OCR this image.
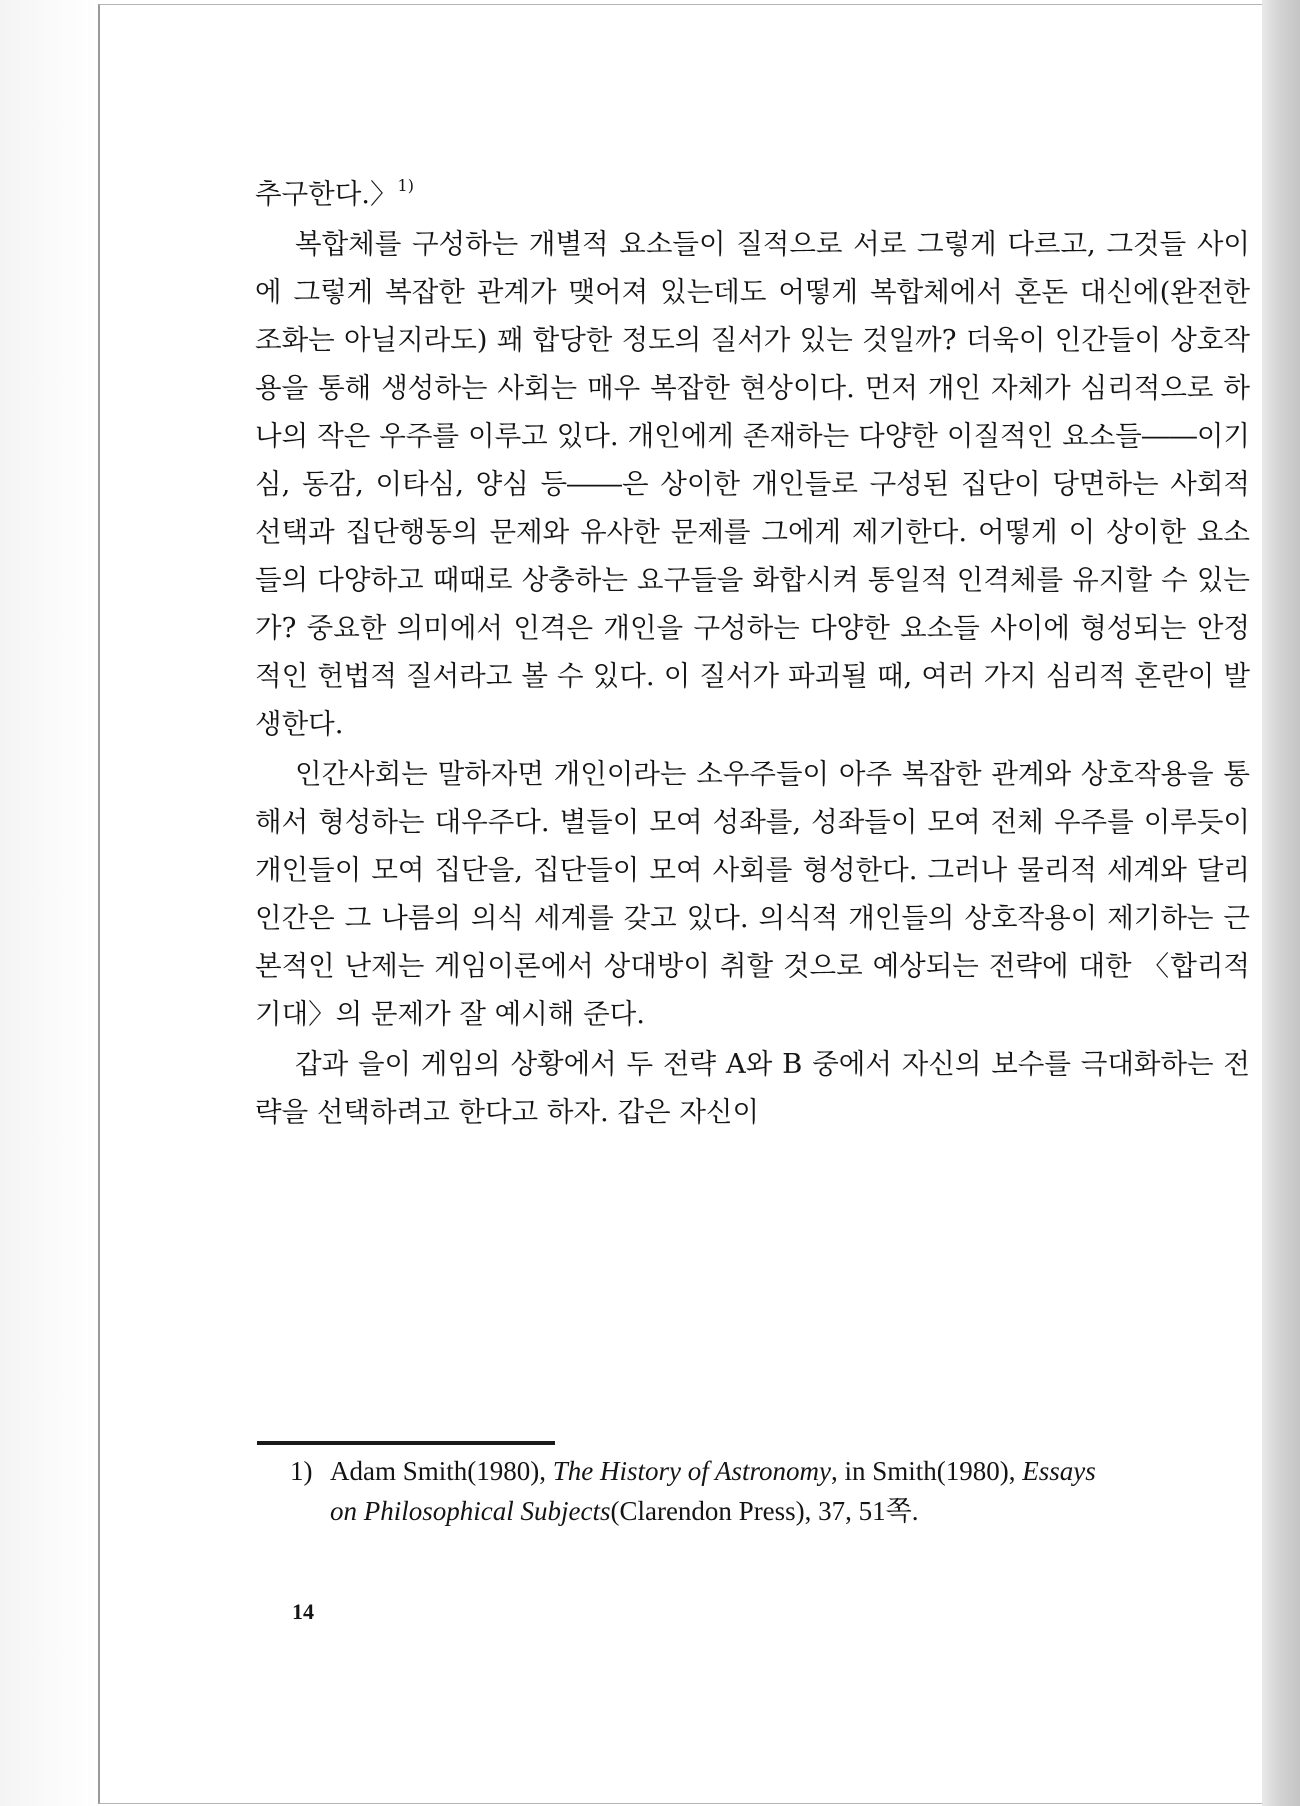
추구한다.〉$^{1)}$

복합체를 구성하는 개별적 요소들이 질적으로 서로 그렇게 다르고, 그것들 사이에 그렇게 복잡한 관계가 맺어져 있는데도 어떻게 복합체에서 혼돈 대신에(완전한 조화는 아닐지라도) 꽤 합당한 정도의 질서가 있는 것일까? 더욱이 인간들이 상호작용을 통해 생성하는 사회는 매우 복잡한 현상이다. 먼저 개인 자체가 심리적으로 하나의 작은 우주를 이루고 있다. 개인에게 존재하는 다양한 이질적인 요소들――이기심, 동감, 이타심, 양심 등――은 상이한 개인들로 구성된 집단이 당면하는 사회적 선택과 집단행동의 문제와 유사한 문제를 그에게 제기한다. 어떻게 이 상이한 요소들의 다양하고 때때로 상충하는 요구들을 화합시켜 통일적 인격체를 유지할 수 있는가? 중요한 의미에서 인격은 개인을 구성하는 다양한 요소들 사이에 형성되는 안정적인 헌법적 질서라고 볼 수 있다. 이 질서가 파괴될 때, 여러 가지 심리적 혼란이 발생한다.

인간사회는 말하자면 개인이라는 소우주들이 아주 복잡한 관계와 상호작용을 통해서 형성하는 대우주다. 별들이 모여 성좌를, 성좌들이 모여 전체 우주를 이루듯이 개인들이 모여 집단을, 집단들이 모여 사회를 형성한다. 그러나 물리적 세계와 달리 인간은 그 나름의 의식 세계를 갖고 있다. 의식적 개인들의 상호작용이 제기하는 근본적인 난제는 게임이론에서 상대방이 취할 것으로 예상되는 전략에 대한 〈합리적 기대〉의 문제가 잘 예시해 준다.

갑과 을이 게임의 상황에서 두 전략 A와 B 중에서 자신의 보수를 극대화하는 전략을 선택하려고 한다고 하자. 갑은 자신이

1) Adam Smith(1980), The History of Astronomy, in Smith(1980), Essays
on Philosophical Subjects(Clarendon Press), 37, 51쪽.
14
